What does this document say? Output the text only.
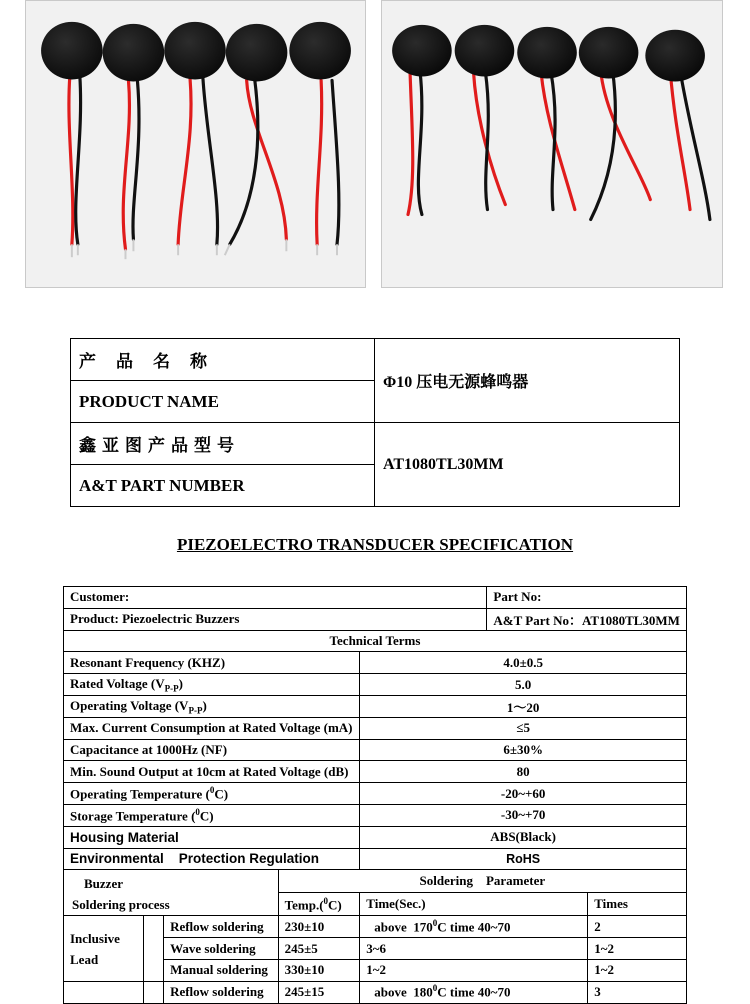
产品名称	Φ10 压电无源蜂鸣器
PRODUCT NAME	
鑫亚图产品型号	AT1080TL30MM
A&T PART NUMBER	
PIEZOELECTRO TRANSDUCER SPECIFICATION
Customer:					Part No:	
Product: Piezoelectric Buzzers					A&T Part No：AT1080TL30MM	
Technical Terms						
Resonant Frequency (KHZ)				4.0±0.5		
Rated Voltage $(V_{P-P})$				5.0		
Operating Voltage $(V_{P-P})$				1～20		
Max. Current Consumption at Rated Voltage (mA)				≤5		
Capacitance at 1000Hz (NF)				6±30%		
Min. Sound Output at 10cm at Rated Voltage (dB)				80		
Operating Temperature ($^0$C)				-20~+60		
Storage Temperature ($^0$C)				-30~+70		
Housing Material				ABS(Black)		
Environmental    Protection Regulation				RoHS		

Buzzer
Soldering process			Soldering    Parameter			
			Temp.($^0$C)	Time(Sec.)		Times

Inclusive
Lead		Reflow soldering	230±10	above  $170^0C$ time 40~70		2
		Wave soldering	245±5	3~6		1~2
		Manual soldering	330±10	1~2		1~2
		Reflow soldering	245±15	above  $180^0C$ time 40~70		3
